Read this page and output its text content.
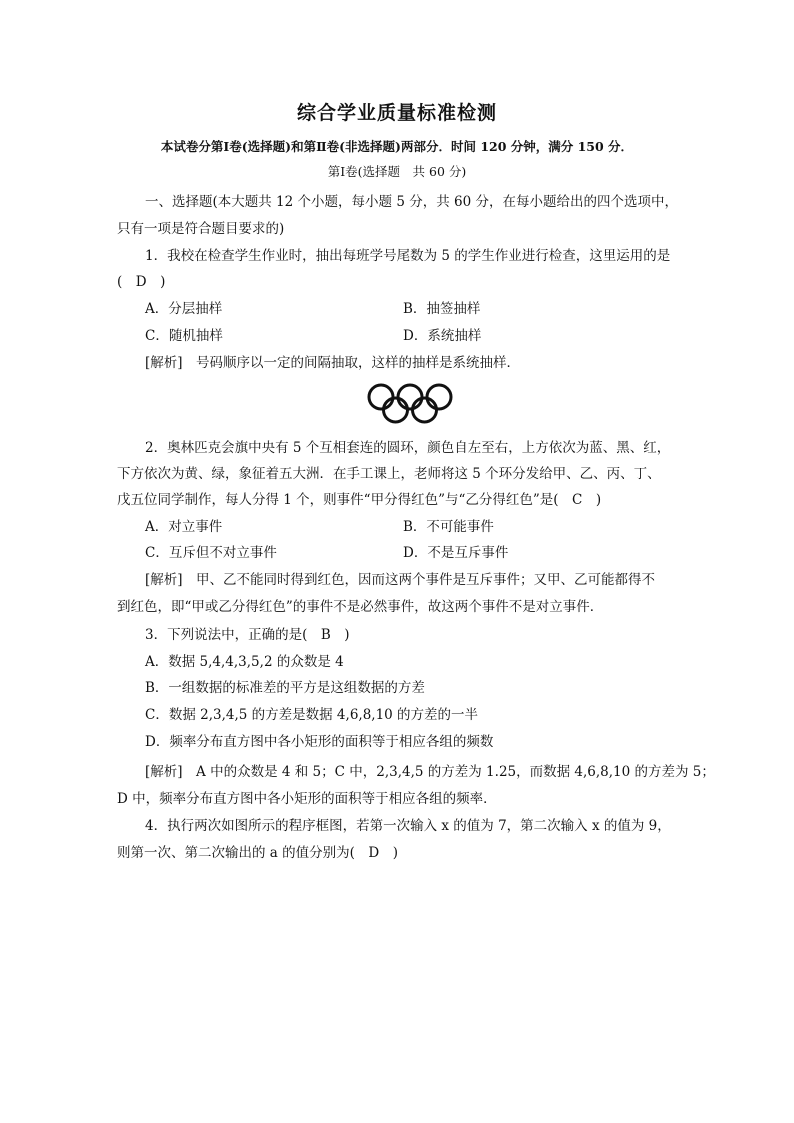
综合学业质量标准检测
本试卷分第Ⅰ卷(选择题)和第Ⅱ卷(非选择题)两部分．时间 120 分钟，满分 150 分．
第Ⅰ卷(选择题　共 60 分)
一、选择题(本大题共 12 个小题，每小题 5 分，共 60 分，在每小题给出的四个选项中，
只有一项是符合题目要求的)
1．我校在检查学生作业时，抽出每班学号尾数为 5 的学生作业进行检查，这里运用的是
(　D　)
A．分层抽样	B．抽签抽样
C．随机抽样	D．系统抽样
[解析]　号码顺序以一定的间隔抽取，这样的抽样是系统抽样．
2．奥林匹克会旗中央有 5 个互相套连的圆环，颜色自左至右，上方依次为蓝、黑、红，
下方依次为黄、绿，象征着五大洲．在手工课上，老师将这 5 个环分发给甲、乙、丙、丁、
戊五位同学制作，每人分得 1 个，则事件“甲分得红色”与“乙分得红色”是(　C　)
A．对立事件	B．不可能事件
C．互斥但不对立事件	D．不是互斥事件
[解析]　甲、乙不能同时得到红色，因而这两个事件是互斥事件；又甲、乙可能都得不
到红色，即“甲或乙分得红色”的事件不是必然事件，故这两个事件不是对立事件．
3．下列说法中，正确的是(　B　)
A．数据 5,4,4,3,5,2 的众数是 4
B．一组数据的标准差的平方是这组数据的方差
C．数据 2,3,4,5 的方差是数据 4,6,8,10 的方差的一半
D．频率分布直方图中各小矩形的面积等于相应各组的频数
[解析]　A 中的众数是 4 和 5；C 中，2,3,4,5 的方差为 1.25，而数据 4,6,8,10 的方差为 5；
D 中，频率分布直方图中各小矩形的面积等于相应各组的频率．
4．执行两次如图所示的程序框图，若第一次输入 x 的值为 7，第二次输入 x 的值为 9，
则第一次、第二次输出的 a 的值分别为(　D　)
